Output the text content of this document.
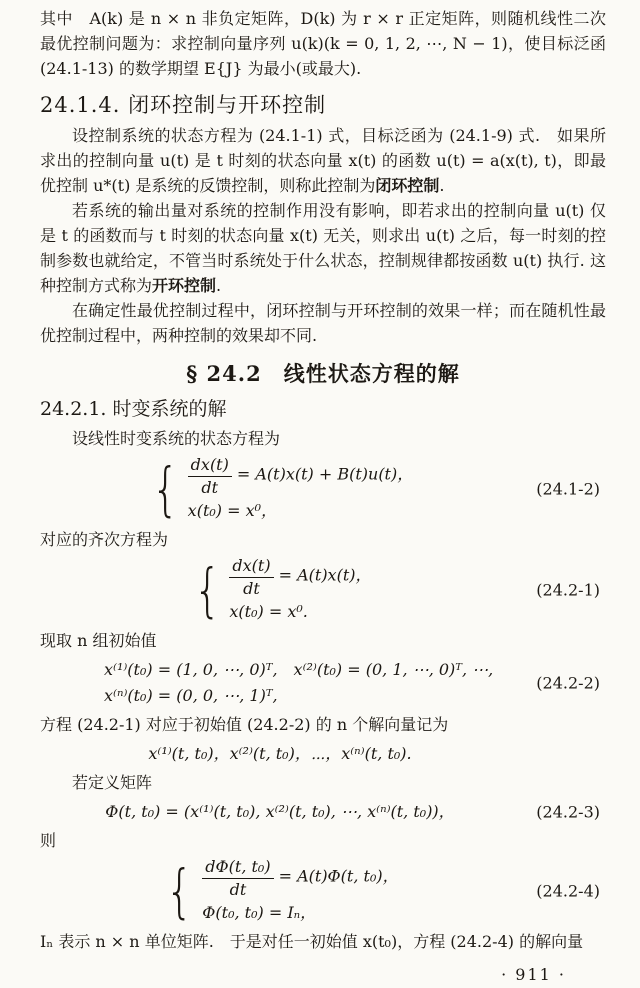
其中　A(k) 是 n × n 非负定矩阵，D(k) 为 r × r 正定矩阵，则随机线性二次最优控制问题为：求控制向量序列 u(k)(k = 0, 1, 2, ⋯, N − 1)，使目标泛函 (24.1-13) 的数学期望 E{J} 为最小(或最大).

24.1.4. 闭环控制与开环控制

设控制系统的状态方程为 (24.1-1) 式，目标泛函为 (24.1-9) 式.　如果所求出的控制向量 u(t) 是 t 时刻的状态向量 x(t) 的函数 u(t) = a(x(t), t)，即最优控制 u*(t) 是系统的反馈控制，则称此控制为闭环控制.

若系统的输出量对系统的控制作用没有影响，即若求出的控制向量 u(t) 仅是 t 的函数而与 t 时刻的状态向量 x(t) 无关，则求出 u(t) 之后，每一时刻的控制参数也就给定，不管当时系统处于什么状态，控制规律都按函数 u(t) 执行. 这种控制方式称为开环控制.

在确定性最优控制过程中，闭环控制与开环控制的效果一样；而在随机性最优控制过程中，两种控制的效果却不同.

§ 24.2　线性状态方程的解
24.2.1. 时变系统的解

设线性时变系统的状态方程为

{ $\frac{dx(t)}{dt} = A(t)x(t) + B(t)u(t)$，
x(t₀) = x⁰，
(24.1-2)

对应的齐次方程为

{ $\frac{dx(t)}{dt} = A(t)x(t)$，
x(t₀) = x⁰.
(24.2-1)

现取 n 组初始值

x⁽¹⁾(t₀) = (1, 0, ⋯, 0)ᵀ,　x⁽²⁾(t₀) = (0, 1, ⋯, 0)ᵀ, ⋯,
x⁽ⁿ⁾(t₀) = (0, 0, ⋯, 1)ᵀ,
(24.2-2)

方程 (24.2-1) 对应于初始值 (24.2-2) 的 n 个解向量记为

x⁽¹⁾(t, t₀)，x⁽²⁾(t, t₀)，⋯，x⁽ⁿ⁾(t, t₀).

若定义矩阵

Φ(t, t₀) = (x⁽¹⁾(t, t₀), x⁽²⁾(t, t₀), ⋯, x⁽ⁿ⁾(t, t₀))，	(24.2-3)

则

{ $\frac{\text{dΦ(t, t₀)}}{dt} = A(t)\Phi(t$, t₀)，
Φ(t₀, t₀) = Iₙ，
(24.2-4)

Iₙ 表示 n × n 单位矩阵.　于是对任一初始值 x(t₀)，方程 (24.2-4) 的解向量

· 911 ·
